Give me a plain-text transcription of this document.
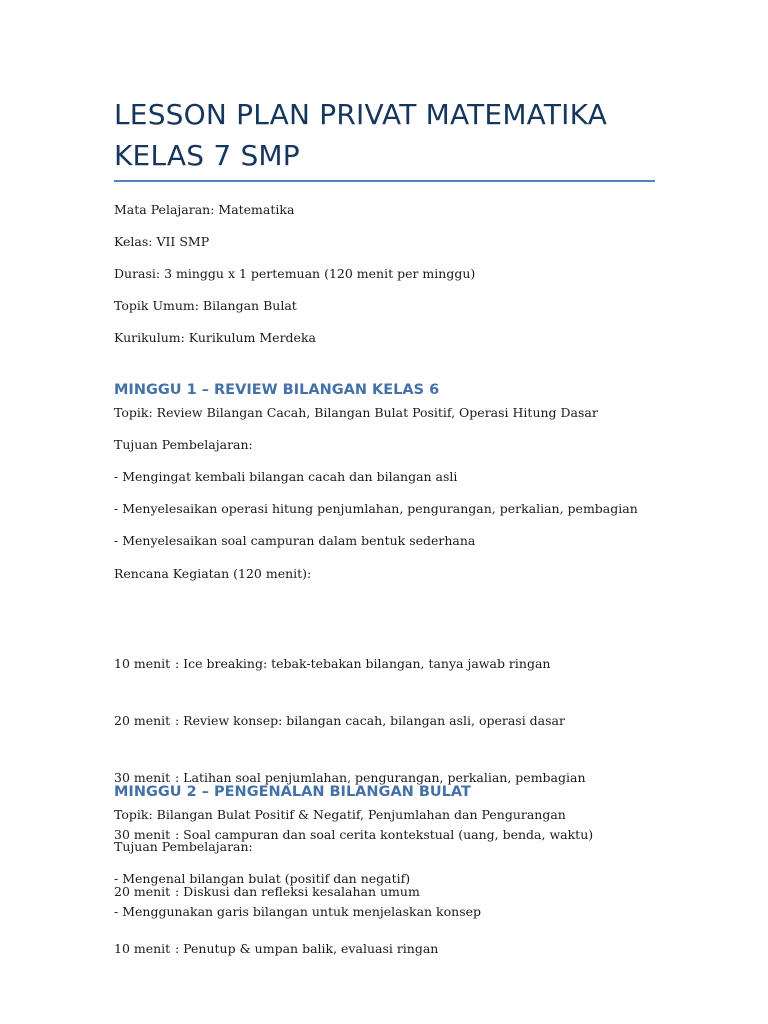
LESSON PLAN PRIVAT MATEMATIKA KELAS 7 SMP
Mata Pelajaran: Matematika
Kelas: VII SMP
Durasi: 3 minggu x 1 pertemuan (120 menit per minggu)
Topik Umum: Bilangan Bulat
Kurikulum: Kurikulum Merdeka
MINGGU 1 – REVIEW BILANGAN KELAS 6
Topik: Review Bilangan Cacah, Bilangan Bulat Positif, Operasi Hitung Dasar
Tujuan Pembelajaran:
- Mengingat kembali bilangan cacah dan bilangan asli
- Menyelesaikan operasi hitung penjumlahan, pengurangan, perkalian, pembagian
- Menyelesaikan soal campuran dalam bentuk sederhana
Rencana Kegiatan (120 menit):

10 menit : Ice breaking: tebak-tebakan bilangan, tanya jawab ringan

20 menit : Review konsep: bilangan cacah, bilangan asli, operasi dasar

30 menit : Latihan soal penjumlahan, pengurangan, perkalian, pembagian

30 menit : Soal campuran dan soal cerita kontekstual (uang, benda, waktu)

20 menit : Diskusi dan refleksi kesalahan umum

10 menit : Penutup & umpan balik, evaluasi ringan

MINGGU 2 – PENGENALAN BILANGAN BULAT
Topik: Bilangan Bulat Positif & Negatif, Penjumlahan dan Pengurangan
Tujuan Pembelajaran:
- Mengenal bilangan bulat (positif dan negatif)
- Menggunakan garis bilangan untuk menjelaskan konsep
